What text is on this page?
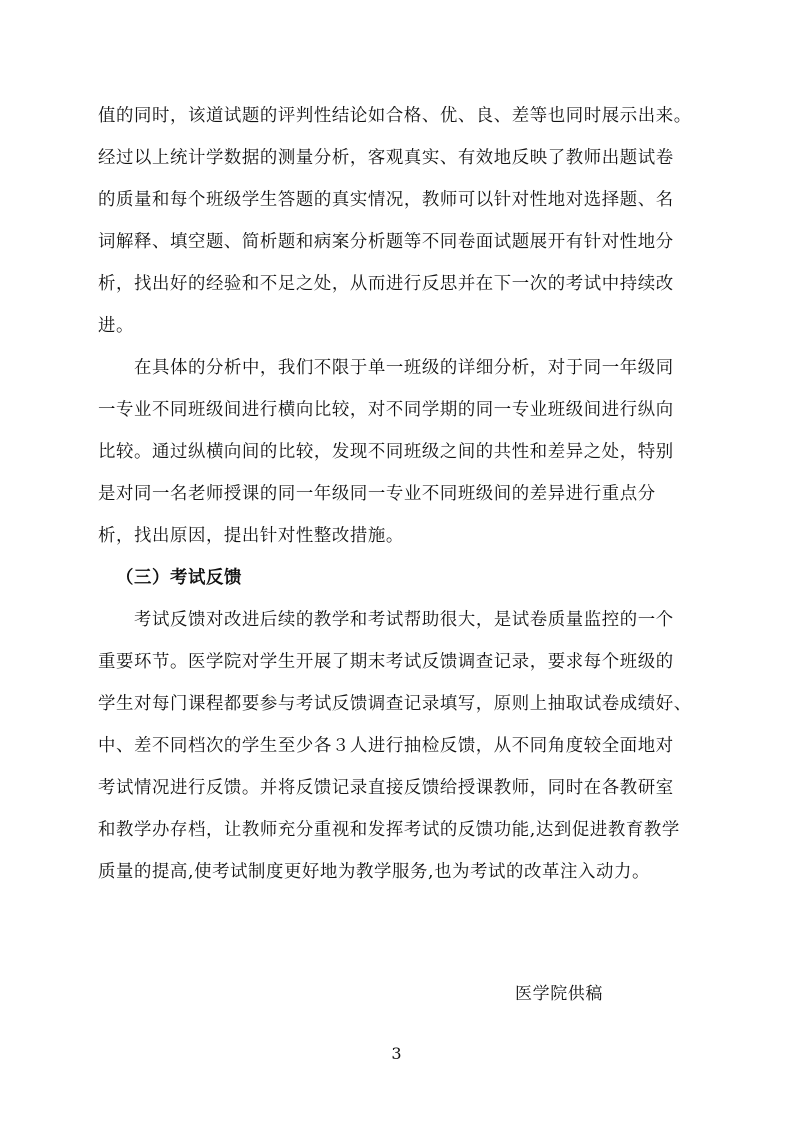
值的同时，该道试题的评判性结论如合格、优、良、差等也同时展示出来。
经过以上统计学数据的测量分析，客观真实、有效地反映了教师出题试卷
的质量和每个班级学生答题的真实情况，教师可以针对性地对选择题、名
词解释、填空题、简析题和病案分析题等不同卷面试题展开有针对性地分
析，找出好的经验和不足之处，从而进行反思并在下一次的考试中持续改
进。
在具体的分析中，我们不限于单一班级的详细分析，对于同一年级同
一专业不同班级间进行横向比较，对不同学期的同一专业班级间进行纵向
比较。通过纵横向间的比较，发现不同班级之间的共性和差异之处，特别
是对同一名老师授课的同一年级同一专业不同班级间的差异进行重点分
析，找出原因，提出针对性整改措施。
（三）考试反馈
考试反馈对改进后续的教学和考试帮助很大，是试卷质量监控的一个
重要环节。医学院对学生开展了期末考试反馈调查记录，要求每个班级的
学生对每门课程都要参与考试反馈调查记录填写，原则上抽取试卷成绩好、
中、差不同档次的学生至少各３人进行抽检反馈，从不同角度较全面地对
考试情况进行反馈。并将反馈记录直接反馈给授课教师，同时在各教研室
和教学办存档，让教师充分重视和发挥考试的反馈功能,达到促进教育教学
质量的提高,使考试制度更好地为教学服务,也为考试的改革注入动力。
医学院供稿
3
